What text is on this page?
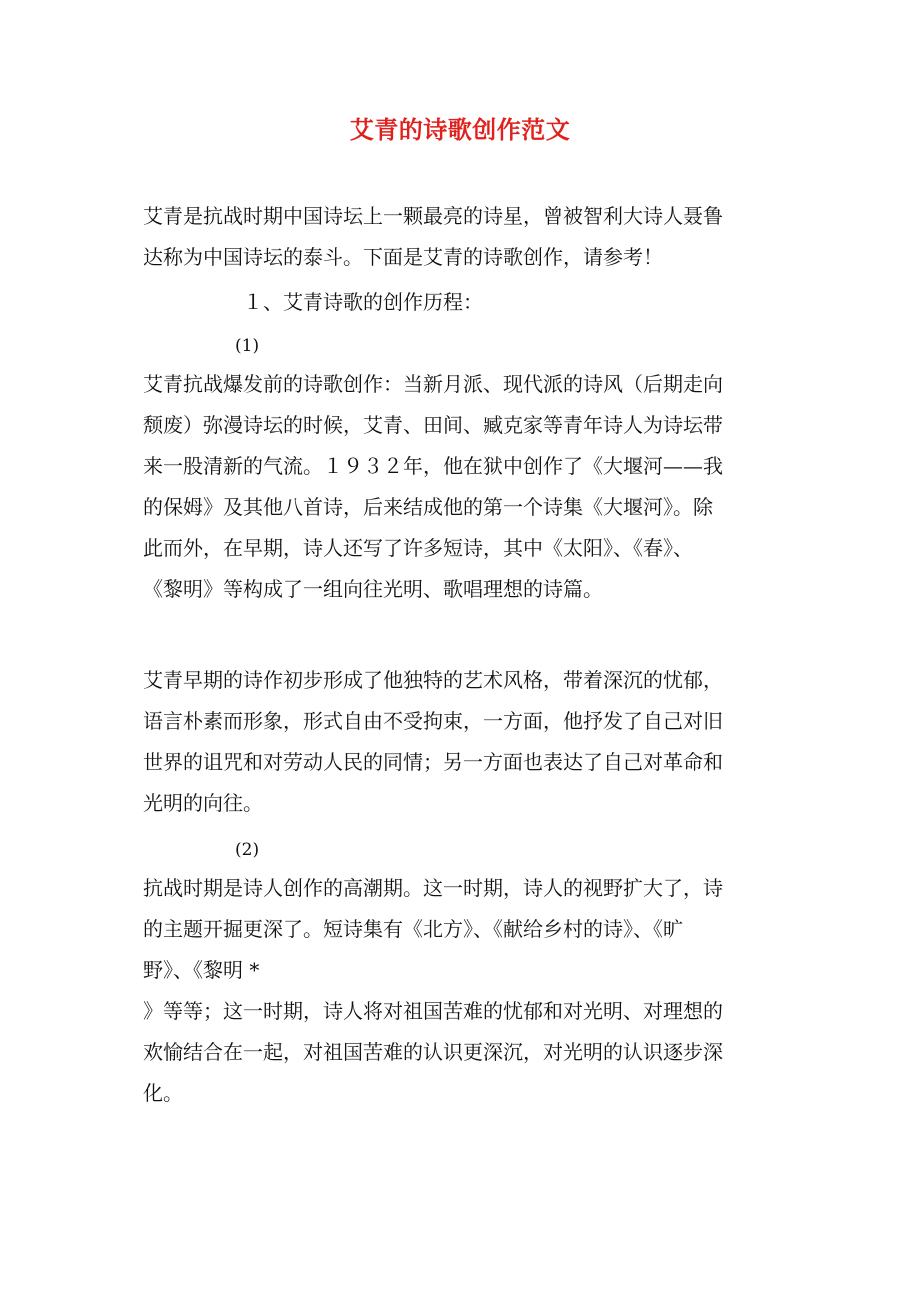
艾青的诗歌创作范文
艾青是抗战时期中国诗坛上一颗最亮的诗星，曾被智利大诗人聂鲁
达称为中国诗坛的泰斗。下面是艾青的诗歌创作，请参考！
１、艾青诗歌的创作历程：
(1)
艾青抗战爆发前的诗歌创作：当新月派、现代派的诗风（后期走向
颓废）弥漫诗坛的时候，艾青、田间、臧克家等青年诗人为诗坛带
来一股清新的气流。１９３２年，他在狱中创作了《大堰河——我
的保姆》及其他八首诗，后来结成他的第一个诗集《大堰河》。除
此而外，在早期，诗人还写了许多短诗，其中《太阳》、《春》、
《黎明》等构成了一组向往光明、歌唱理想的诗篇。
艾青早期的诗作初步形成了他独特的艺术风格，带着深沉的忧郁，
语言朴素而形象，形式自由不受拘束，一方面，他抒发了自己对旧
世界的诅咒和对劳动人民的同情；另一方面也表达了自己对革命和
光明的向往。
(2)
抗战时期是诗人创作的高潮期。这一时期，诗人的视野扩大了，诗
的主题开掘更深了。短诗集有《北方》、《献给乡村的诗》、《旷
野》、《黎明 *
》等等；这一时期，诗人将对祖国苦难的忧郁和对光明、对理想的
欢愉结合在一起，对祖国苦难的认识更深沉，对光明的认识逐步深
化。
